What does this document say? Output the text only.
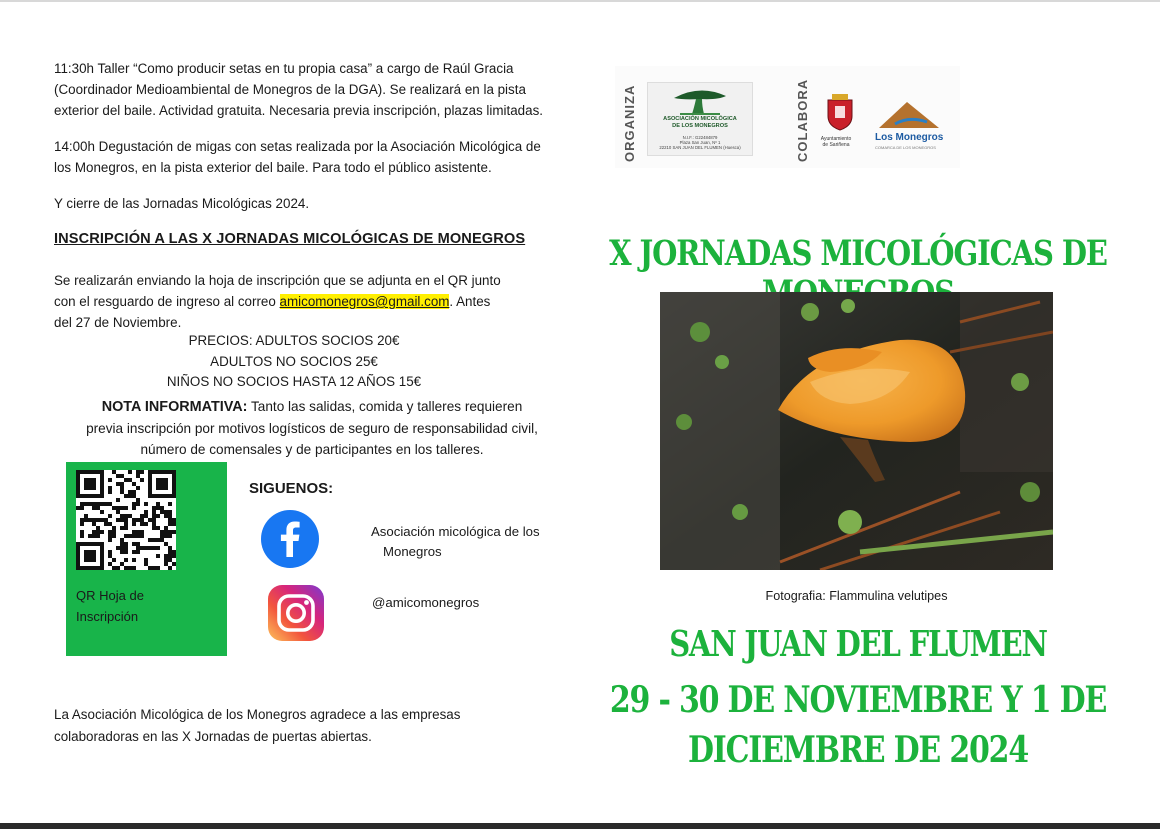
11:30h Taller “Como producir setas en tu propia casa” a cargo de Raúl Gracia
(Coordinador Medioambiental de Monegros de la DGA). Se realizará en la pista
exterior del baile. Actividad gratuita. Necesaria previa inscripción, plazas limitadas.

14:00h Degustación de migas con setas realizada por la Asociación Micológica de
los Monegros, en la pista exterior del baile. Para todo el público asistente.

Y cierre de las Jornadas Micológicas 2024.

INSCRIPCIÓN A LAS X JORNADAS MICOLÓGICAS DE MONEGROS

Se realizarán enviando la hoja de inscripción que se adjunta en el QR junto
con el resguardo de ingreso al correo amicomonegros@gmail.com. Antes
del 27 de Noviembre.

PRECIOS: ADULTOS SOCIOS 20€
ADULTOS NO SOCIOS 25€
NIÑOS NO SOCIOS HASTA 12 AÑOS 15€
NOTA INFORMATIVA: Tanto las salidas, comida y talleres requieren
previa inscripción por motivos logísticos de seguro de responsabilidad civil,
número de comensales y de participantes en los talleres.
QR Hoja de
Inscripción
SIGUENOS:
Asociación micológica de los
Monegros
@amicomonegros
La Asociación Micológica de los Monegros agradece a las empresas
colaboradoras en las X Jornadas de puertas abiertas.
ORGANIZA	ASOCIACIÓN MICOLÓGICA
DE LOS MONEGROS
N.I.F.: G22484879
Plaza San Juan, Nº 1
22210 SAN JUAN DEL FLUMEN (Huesca)	COLABORA	Ayuntamiento
de Sariñena
Los Monegros
COMARCA DE LOS MONEGROS
X JORNADAS MICOLÓGICAS DE
Fotografia: Flammulina velutipes
SAN JUAN DEL FLUMEN
29 - 30 DE NOVIEMBRE Y 1 DE
DICIEMBRE DE 2024
